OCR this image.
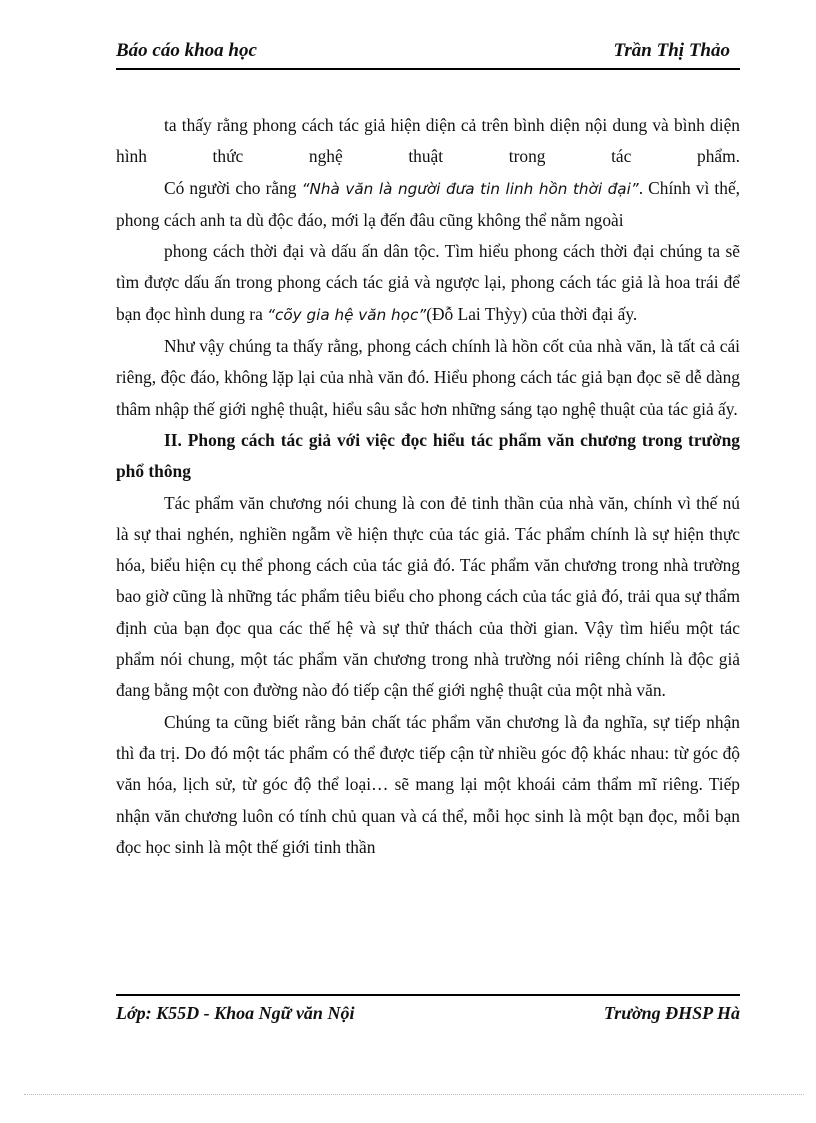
Báo cáo khoa học	Trần Thị Thảo

ta thấy rằng phong cách tác giả hiện diện cả trên bình diện nội dung và bình diện hình thức nghệ thuật trong tác phẩm.

Có người cho rằng “Nhà văn là người đưa tin linh hồn thời đại”. Chính vì thế, phong cách anh ta dù độc đáo, mới lạ đến đâu cũng không thể nằm ngoài

phong cách thời đại và dấu ấn dân tộc. Tìm hiểu phong cách thời đại chúng ta sẽ tìm được dấu ấn trong phong cách tác giả và ngược lại, phong cách tác giả là hoa trái để bạn đọc hình dung ra “cõy gia hệ văn học”(Đỗ Lai Thỳy) của thời đại ấy.

Như vậy chúng ta thấy rằng, phong cách chính là hồn cốt của nhà văn, là tất cả cái riêng, độc đáo, không lặp lại của nhà văn đó. Hiểu phong cách tác giả bạn đọc sẽ dễ dàng thâm nhập thế giới nghệ thuật, hiểu sâu sắc hơn những sáng tạo nghệ thuật của tác giả ấy.

II. Phong cách tác giả với việc đọc hiểu tác phẩm văn chương trong trường phổ thông

Tác phẩm văn chương nói chung là con đẻ tinh thần của nhà văn, chính vì thế nú là sự thai nghén, nghiền ngẫm về hiện thực của tác giả. Tác phẩm chính là sự hiện thực hóa, biểu hiện cụ thể phong cách của tác giả đó. Tác phẩm văn chương trong nhà trường bao giờ cũng là những tác phẩm tiêu biểu cho phong cách của tác giả đó, trải qua sự thẩm định của bạn đọc qua các thế hệ và sự thử thách của thời gian. Vậy tìm hiểu một tác phẩm nói chung, một tác phẩm văn chương trong nhà trường nói riêng chính là độc giả đang bằng một con đường nào đó tiếp cận thế giới nghệ thuật của một nhà văn.

Chúng ta cũng biết rằng bản chất tác phẩm văn chương là đa nghĩa, sự tiếp nhận thì đa trị. Do đó một tác phẩm có thể được tiếp cận từ nhiều góc độ khác nhau: từ góc độ văn hóa, lịch sử, từ góc độ thể loại… sẽ mang lại một khoái cảm thẩm mĩ riêng. Tiếp nhận văn chương luôn có tính chủ quan và cá thể, mỗi học sinh là một bạn đọc, mỗi bạn đọc học sinh là một thế giới tinh thần

Lớp: K55D - Khoa Ngữ văn Nội	Trường ĐHSP Hà
